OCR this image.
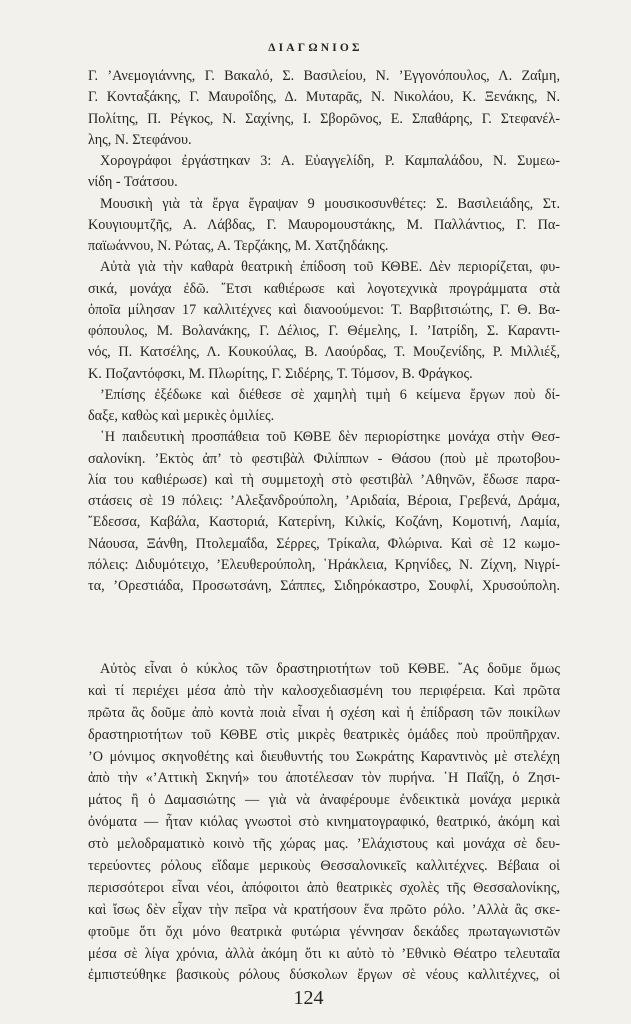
ΔΙΑΓΩΝΙΟΣ
Γ. ’Ανεμογιάννης, Γ. Βακαλό, Σ. Βασιλείου, Ν. ’Εγγονόπουλος, Λ. Ζαΐμη,
Γ. Κονταξάκης, Γ. Μαυροΐδης, Δ. Μυταρᾶς, Ν. Νικολάου, Κ. Ξενάκης, Ν.
Πολίτης, Π. Ρέγκος, Ν. Σαχίνης, Ι. Σβορῶνος, Ε. Σπαθάρης, Γ. Στεφανέλ-
λης, Ν. Στεφάνου.
Χορογράφοι ἐργάστηκαν 3: Α. Εὐαγγελίδη, Ρ. Καμπαλάδου, Ν. Συμεω-
νίδη - Τσάτσου.
Μουσικὴ γιὰ τὰ ἔργα ἔγραψαν 9 μουσικοσυνθέτες: Σ. Βασιλειάδης, Στ.
Κουγιουμτζῆς, Α. Λάβδας, Γ. Μαυρομουστάκης, Μ. Παλλάντιος, Γ. Πα-
παϊωάννου, Ν. Ρώτας, Α. Τερζάκης, Μ. Χατζηδάκης.
Αὐτὰ γιὰ τὴν καθαρὰ θεατρικὴ ἐπίδοση τοῦ ΚΘΒΕ. Δὲν περιορίζεται, φυ-
σικά, μονάχα ἐδῶ. ῎Ετσι καθιέρωσε καὶ λογοτεχνικὰ προγράμματα στὰ
ὁποῖα μίλησαν 17 καλλιτέχνες καὶ διανοούμενοι: Τ. Βαρβιτσιώτης, Γ. Θ. Βα-
φόπουλος, Μ. Βολανάκης, Γ. Δέλιος, Γ. Θέμελης, Ι. ’Ιατρίδη, Σ. Καραντι-
νός, Π. Κατσέλης, Λ. Κουκούλας, Β. Λαούρδας, Τ. Μουζενίδης, Ρ. Μιλλιέξ,
Κ. Ποζαντόφσκι, Μ. Πλωρίτης, Γ. Σιδέρης, Τ. Τόμσον, Β. Φράγκος.
’Επίσης ἐξέδωκε καὶ διέθεσε σὲ χαμηλὴ τιμὴ 6 κείμενα ἔργων ποὺ δί-
δαξε, καθὼς καὶ μερικὲς ὁμιλίες.
῾Η παιδευτικὴ προσπάθεια τοῦ ΚΘΒΕ δὲν περιορίστηκε μονάχα στὴν Θεσ-
σαλονίκη. ’Εκτὸς ἀπ’ τὸ φεστιβὰλ Φιλίππων - Θάσου (ποὺ μὲ πρωτοβου-
λία του καθιέρωσε) καὶ τὴ συμμετοχὴ στὸ φεστιβὰλ ’Αθηνῶν, ἔδωσε παρα-
στάσεις σὲ 19 πόλεις: ’Αλεξανδρούπολη, ’Αριδαία, Βέροια, Γρεβενά, Δράμα,
῎Εδεσσα, Καβάλα, Καστοριά, Κατερίνη, Κιλκίς, Κοζάνη, Κομοτινή, Λαμία,
Νάουσα, Ξάνθη, Πτολεμαΐδα, Σέρρες, Τρίκαλα, Φλώρινα. Καὶ σὲ 12 κωμο-
πόλεις: Διδυμότειχο, ’Ελευθερούπολη, ῾Ηράκλεια, Κρηνίδες, Ν. Ζίχνη, Νιγρί-
τα, ’Ορεστιάδα, Προσωτσάνη, Σάππες, Σιδηρόκαστρο, Σουφλί, Χρυσούπολη.
Αὐτὸς εἶναι ὁ κύκλος τῶν δραστηριοτήτων τοῦ ΚΘΒΕ. ῎Ας δοῦμε ὅμως
καὶ τί περιέχει μέσα ἀπὸ τὴν καλοσχεδιασμένη του περιφέρεια. Καὶ πρῶτα
πρῶτα ἂς δοῦμε ἀπὸ κοντὰ ποιὰ εἶναι ἡ σχέση καὶ ἡ ἐπίδραση τῶν ποικίλων
δραστηριοτήτων τοῦ ΚΘΒΕ στὶς μικρὲς θεατρικὲς ὁμάδες ποὺ προϋπῆρχαν.
’Ο μόνιμος σκηνοθέτης καὶ διευθυντής του Σωκράτης Καραντινὸς μὲ στελέχη
ἀπὸ τὴν «’Αττικὴ Σκηνή» του ἀποτέλεσαν τὸν πυρήνα. ῾Η Παΐζη, ὁ Ζησι-
μάτος ἢ ὁ Δαμασιώτης — γιὰ νὰ ἀναφέρουμε ἐνδεικτικὰ μονάχα μερικὰ
ὀνόματα — ἦταν κιόλας γνωστοὶ στὸ κινηματογραφικό, θεατρικό, ἀκόμη καὶ
στὸ μελοδραματικὸ κοινὸ τῆς χώρας μας. ’Ελάχιστους καὶ μονάχα σὲ δευ-
τερεύοντες ρόλους εἴδαμε μερικοὺς Θεσσαλονικεῖς καλλιτέχνες. Βέβαια οἱ
περισσότεροι εἶναι νέοι, ἀπόφοιτοι ἀπὸ θεατρικὲς σχολὲς τῆς Θεσσαλονίκης,
καὶ ἴσως δὲν εἶχαν τὴν πεῖρα νὰ κρατήσουν ἕνα πρῶτο ρόλο. ’Αλλὰ ἂς σκε-
φτοῦμε ὅτι ὄχι μόνο θεατρικὰ φυτώρια γέννησαν δεκάδες πρωταγωνιστῶν
μέσα σὲ λίγα χρόνια, ἀλλὰ ἀκόμη ὅτι κι αὐτὸ τὸ ’Εθνικὸ Θέατρο τελευταῖα
ἐμπιστεύθηκε βασικοὺς ρόλους δύσκολων ἔργων σὲ νέους καλλιτέχνες, οἱ
124
